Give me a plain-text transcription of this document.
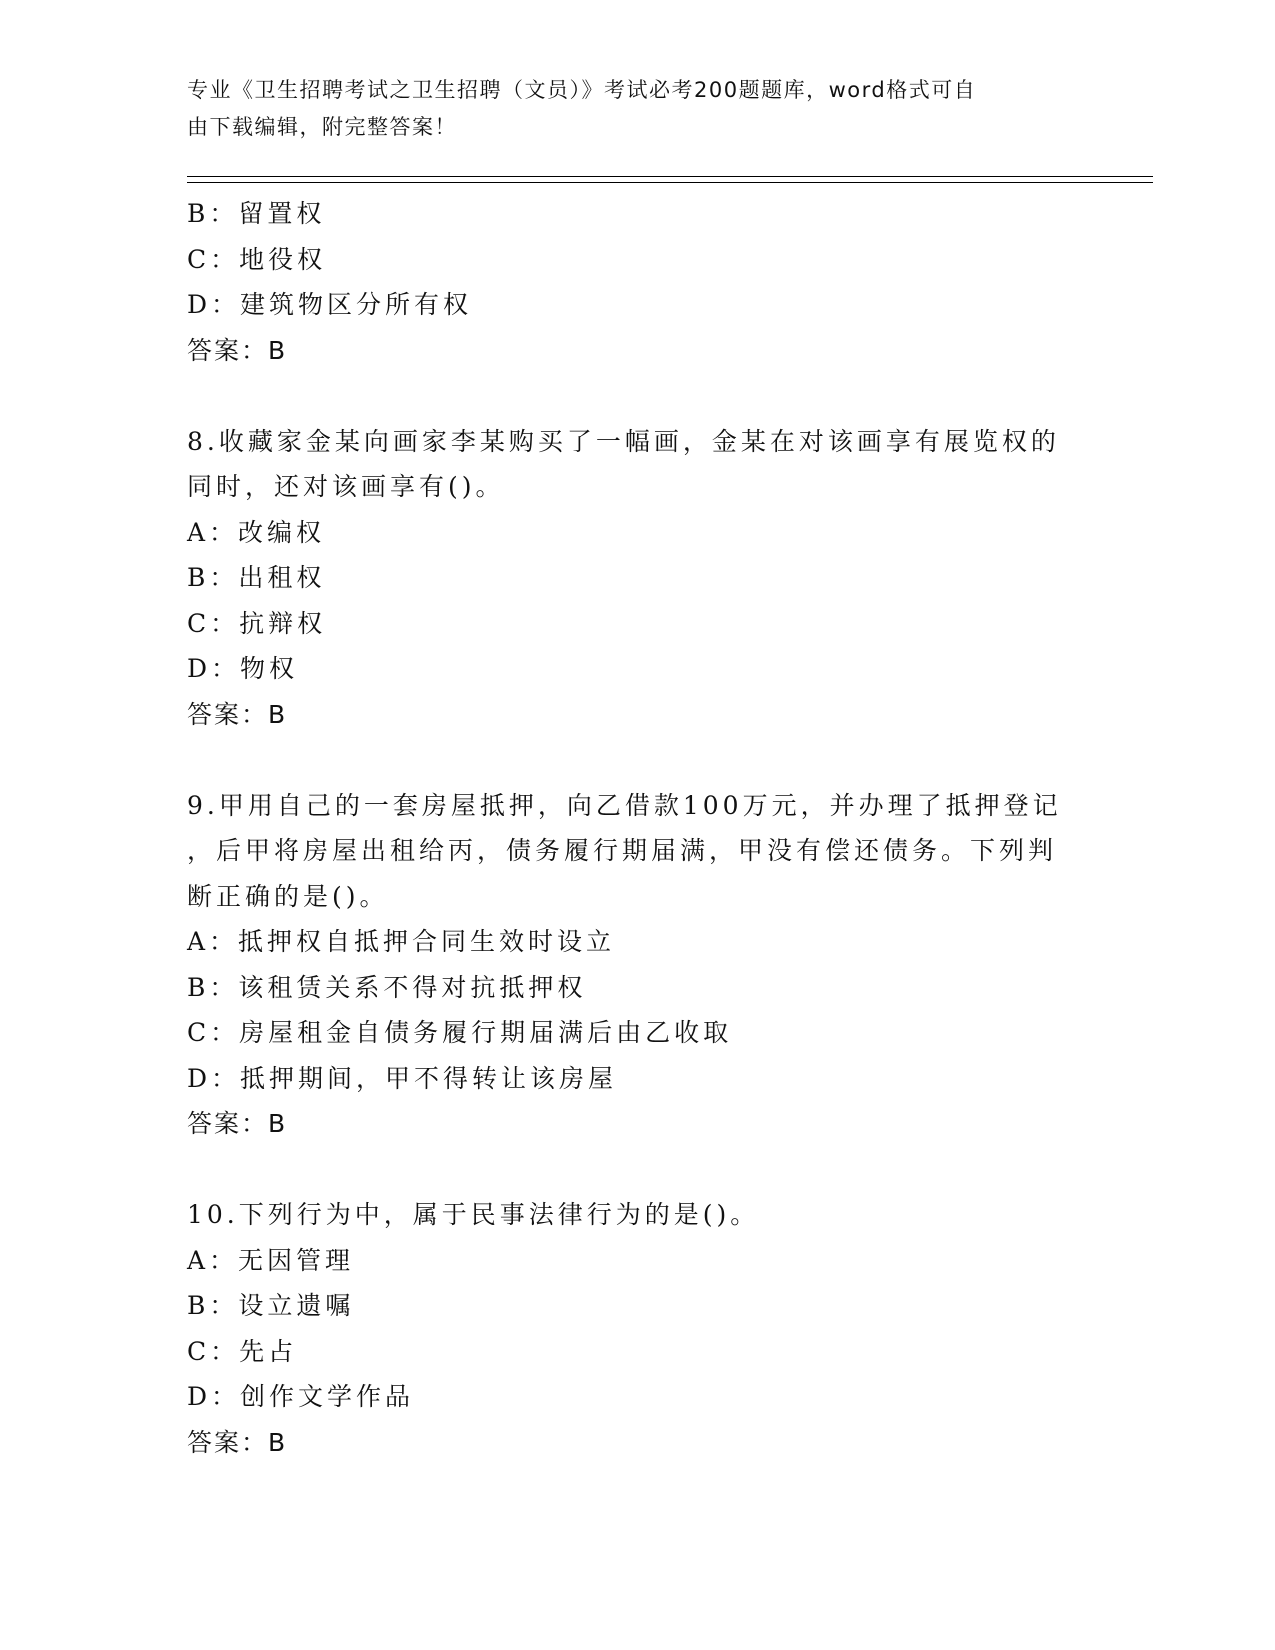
专业《卫生招聘考试之卫生招聘（文员）》考试必考200题题库，word格式可自
由下载编辑，附完整答案！
B：留置权
C：地役权
D：建筑物区分所有权
答案：B
8.收藏家金某向画家李某购买了一幅画，金某在对该画享有展览权的
同时，还对该画享有()。
A：改编权
B：出租权
C：抗辩权
D：物权
答案：B
9.甲用自己的一套房屋抵押，向乙借款100万元，并办理了抵押登记
，后甲将房屋出租给丙，债务履行期届满，甲没有偿还债务。下列判
断正确的是()。
A：抵押权自抵押合同生效时设立
B：该租赁关系不得对抗抵押权
C：房屋租金自债务履行期届满后由乙收取
D：抵押期间，甲不得转让该房屋
答案：B
10.下列行为中，属于民事法律行为的是()。
A：无因管理
B：设立遗嘱
C：先占
D：创作文学作品
答案：B
